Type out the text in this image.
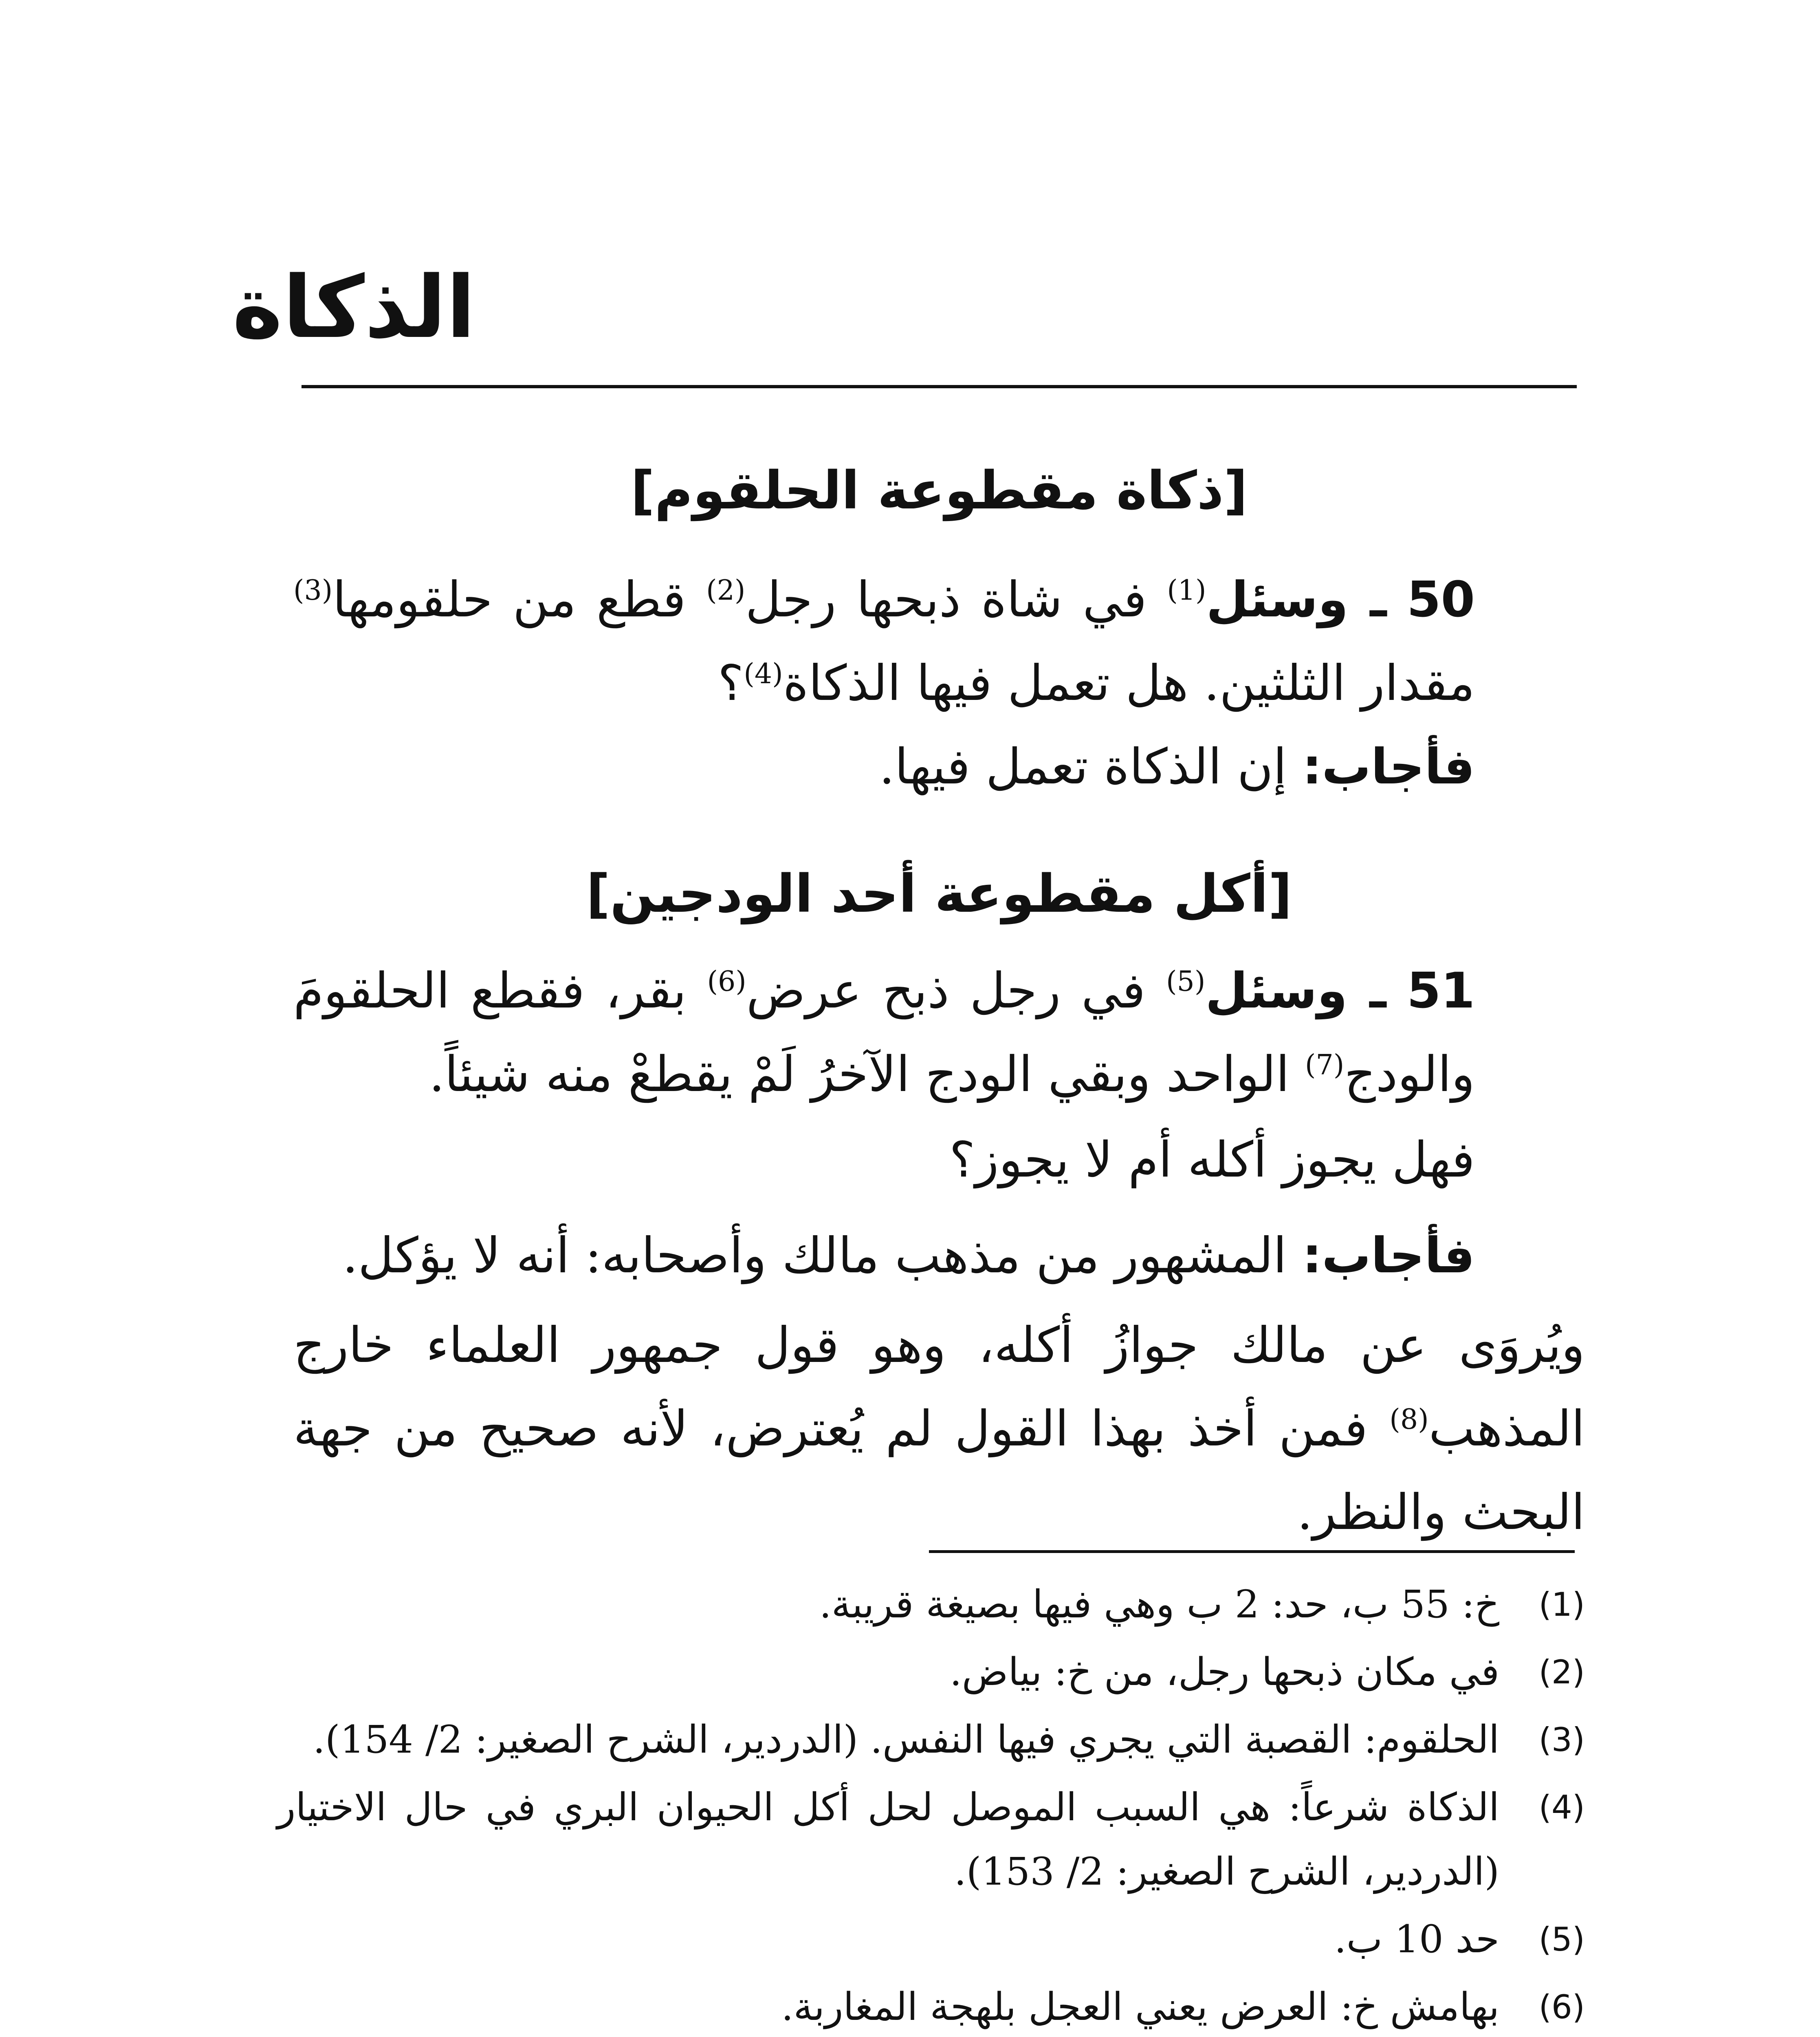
الذكاة
[ذكاة مقطوعة الحلقوم]

50 ـ وسئل$^{(1)}$ في شاة ذبحها رجل$^{(2)}$ قطع من حلقومها$^{(3)}$ مقدار الثلثين. هل تعمل فيها الذكاة$^{(4)}$؟

فأجاب: إن الذكاة تعمل فيها.

[أكل مقطوعة أحد الودجين]

51 ـ وسئل$^{(5)}$ في رجل ذبح عرض$^{(6)}$ بقر، فقطع الحلقومَ والودج$^{(7)}$ الواحد وبقي الودج الآخرُ لَمْ يقطعْ منه شيئاً.

فهل يجوز أكله أم لا يجوز؟

فأجاب: المشهور من مذهب مالك وأصحابه: أنه لا يؤكل.

ويُروَى عن مالك جوازُ أكله، وهو قول جمهور العلماء خارج المذهب$^{(8)}$ فمن أخذ بهذا القول لم يُعترض، لأنه صحيح من جهة البحث والنظر.

(1)
خ: 55 ب، حد: 2 ب وهي فيها بصيغة قريبة.
(2)
في مكان ذبحها رجل، من خ: بياض.
(3)
الحلقوم: القصبة التي يجري فيها النفس. (الدردير، الشرح الصغير: 2/ 154).
(4)
الذكاة شرعاً: هي السبب الموصل لحل أكل الحيوان البري في حال الاختيار (الدردير، الشرح الصغير: 2/ 153).
(5)
حد 10 ب.
(6)
بهامش خ: العرض يعني العجل بلهجة المغاربة.
